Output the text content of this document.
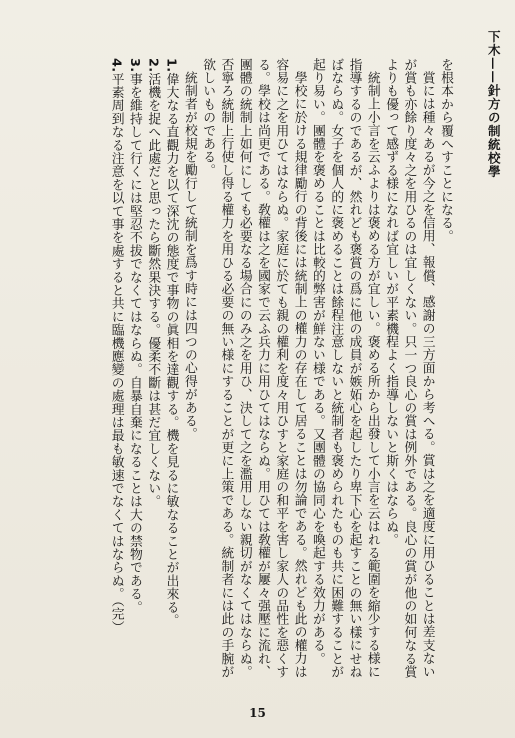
下木——針方の制統校學

を根本から覆へすことになる。

賞には種々あるが今之を信用、報償、感謝の三方面から考へる。賞は之を適度に用ひることは差支ないが賞も亦餘り度々之を用ひるのは宜しくない。只一つ良心の賞は例外である。良心の賞が他の如何なる賞よりも優って感ずる様になれば宜しいが平素機程よく指導しないと斯くはならぬ。

統制上小言を云ふよりは褒める方が宜しい。褒める所から出發して小言を云はれる範圍を縮少する様に指導するのであるが、然れども褒賞の爲に他の成員が嫉妬心を起したり卑下心を起すことの無い樣にせねばならぬ。女子を個人的に褒めることは餘程注意しないと統制者も褒められたものも共に困難することが起り易い。團體を褒めることは比較的弊害が鮮ない様である。又團體の協同心を喚起する效力がある。

學校に於ける規律勵行の背後には統制上の權力の存在して居ることは勿論である。然れども此の權力は容易に之を用ひてはならぬ。家庭に於ても親の權利を度々用ひすと家庭の和平を害し家人の品性を惡くする。學校は尚更である。敎權は之を國家で云ふ兵力に用ひてはならぬ。用ひては敎權が屢々强壓に流れ、團體の統制上如何にしても必要なる場合にのみ之を用ひ、決して之を濫用しない親切がなくてはならぬ。否寧ろ統制上行使し得る權力を用ひる必要の無い様にすることが更に上策である。統制者には此の手腕が欲しいものである。

統制者が校規を勵行して統制を爲す時には四つの心得がある。

1.偉大なる直觀力を以て深沈の態度で事物の眞相を達觀する。機を見るに敏なることが出來る。

2.活機を捉へ此處だと思ったら斷然果決する。優柔不斷は甚だ宜しくない。

3.事を維持して行くには堅忍不拔でなくてはならぬ。自暴自棄になることは大の禁物である。

4.平素周到なる注意を以て事を處すると共に臨機應變の處理は最も敏速でなくてはならぬ。（完）

15
